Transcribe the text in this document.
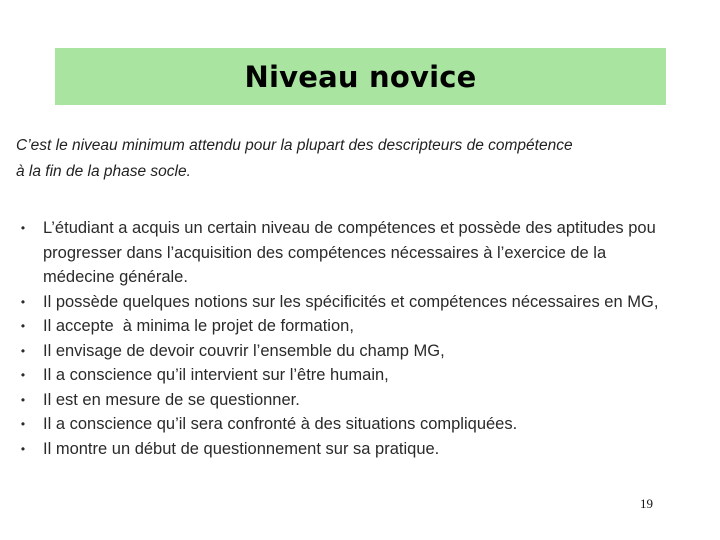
Niveau novice
C’est le niveau minimum attendu pour la plupart des descripteurs de compétence
à la fin de la phase socle.
• L’étudiant a acquis un certain niveau de compétences et possède des aptitudes pou
progresser dans l’acquisition des compétences nécessaires à l’exercice de la
médecine générale.
• Il possède quelques notions sur les spécificités et compétences nécessaires en MG,
• Il accepte  à minima le projet de formation,
• Il envisage de devoir couvrir l’ensemble du champ MG,
• Il a conscience qu’il intervient sur l’être humain,
• Il est en mesure de se questionner.
• Il a conscience qu’il sera confronté à des situations compliquées.
• Il montre un début de questionnement sur sa pratique.
19
